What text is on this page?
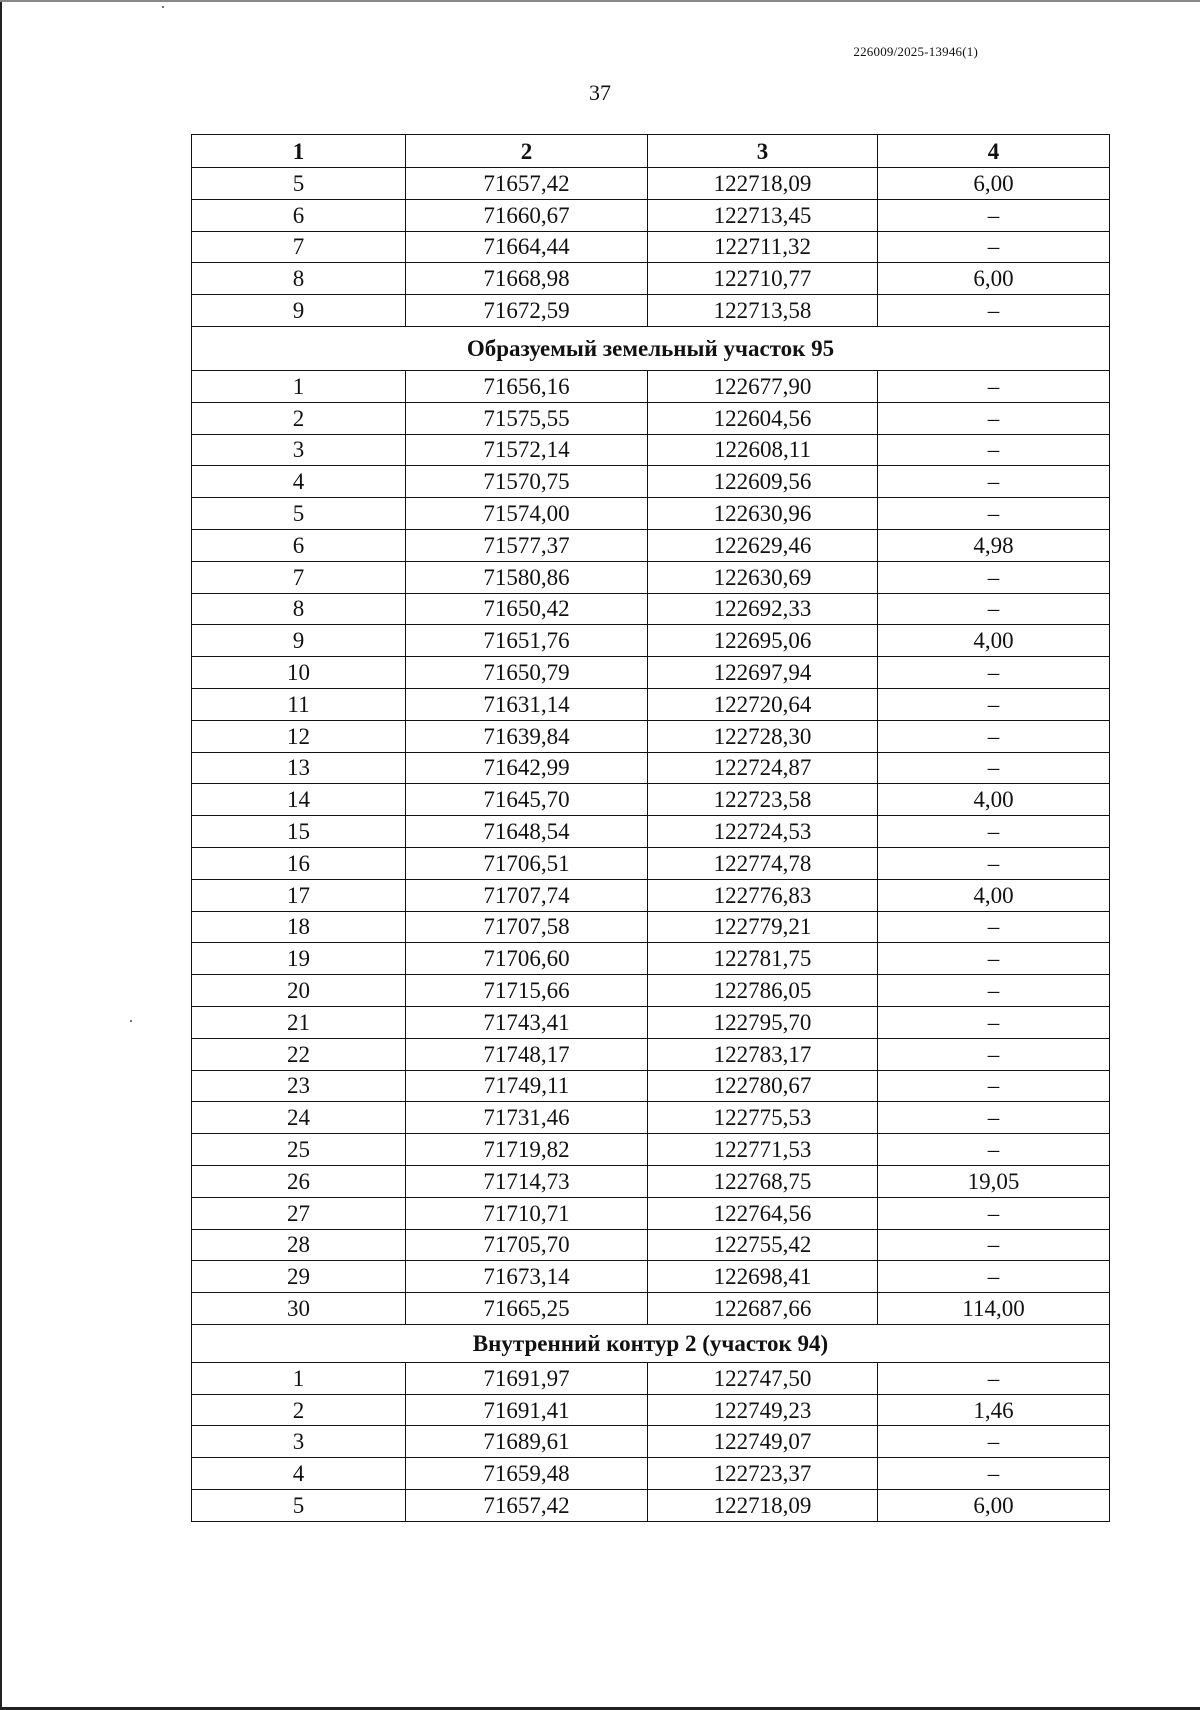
226009/2025-13946(1)
37
1	2	3	4
5	71657,42	122718,09	6,00
6	71660,67	122713,45	–
7	71664,44	122711,32	–
8	71668,98	122710,77	6,00
9	71672,59	122713,58	–
Образуемый земельный участок 95			
1	71656,16	122677,90	–
2	71575,55	122604,56	–
3	71572,14	122608,11	–
4	71570,75	122609,56	–
5	71574,00	122630,96	–
6	71577,37	122629,46	4,98
7	71580,86	122630,69	–
8	71650,42	122692,33	–
9	71651,76	122695,06	4,00
10	71650,79	122697,94	–
11	71631,14	122720,64	–
12	71639,84	122728,30	–
13	71642,99	122724,87	–
14	71645,70	122723,58	4,00
15	71648,54	122724,53	–
16	71706,51	122774,78	–
17	71707,74	122776,83	4,00
18	71707,58	122779,21	–
19	71706,60	122781,75	–
20	71715,66	122786,05	–
21	71743,41	122795,70	–
22	71748,17	122783,17	–
23	71749,11	122780,67	–
24	71731,46	122775,53	–
25	71719,82	122771,53	–
26	71714,73	122768,75	19,05
27	71710,71	122764,56	–
28	71705,70	122755,42	–
29	71673,14	122698,41	–
30	71665,25	122687,66	114,00
Внутренний контур 2 (участок 94)			
1	71691,97	122747,50	–
2	71691,41	122749,23	1,46
3	71689,61	122749,07	–
4	71659,48	122723,37	–
5	71657,42	122718,09	6,00
